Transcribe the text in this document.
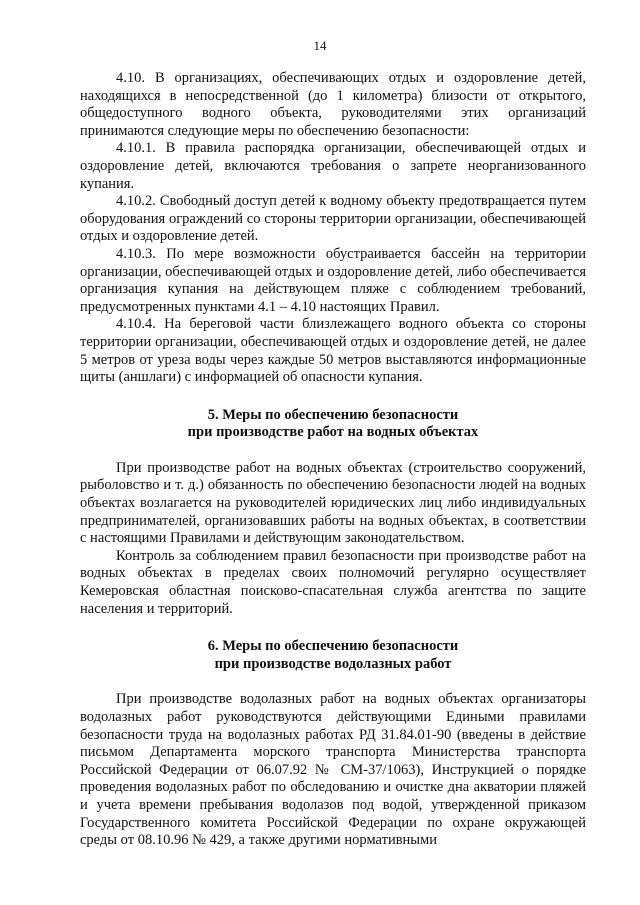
14

4.10. В организациях, обеспечивающих отдых и оздоровление детей, находящихся в непосредственной (до 1 километра) близости от открытого, общедоступного водного объекта, руководителями этих организаций принимаются следующие меры по обеспечению безопасности:

4.10.1. В правила распорядка организации, обеспечивающей отдых и оздоровление детей, включаются требования о запрете неорганизованного купания.

4.10.2. Свободный доступ детей к водному объекту предотвращается путем оборудования ограждений со стороны территории организации, обеспечивающей отдых и оздоровление детей.

4.10.3. По мере возможности обустраивается бассейн на территории организации, обеспечивающей отдых и оздоровление детей, либо обеспечивается организация купания на действующем пляже с соблюдением требований, предусмотренных пунктами 4.1 – 4.10 настоящих Правил.

4.10.4. На береговой части близлежащего водного объекта со стороны территории организации, обеспечивающей отдых и оздоровление детей, не далее 5 метров от уреза воды через каждые 50 метров выставляются информационные щиты (аншлаги) с информацией об опасности купания.

5. Меры по обеспечению безопасности
при производстве работ на водных объектах

При производстве работ на водных объектах (строительство сооружений, рыболовство и т. д.) обязанность по обеспечению безопасности людей на водных объектах возлагается на руководителей юридических лиц либо индивидуальных предпринимателей, организовавших работы на водных объектах, в соответствии с настоящими Правилами и действующим законодательством.

Контроль за соблюдением правил безопасности при производстве работ на водных объектах в пределах своих полномочий регулярно осуществляет Кемеровская областная поисково-спасательная служба агентства по защите населения и территорий.

6. Меры по обеспечению безопасности
при производстве водолазных работ

При производстве водолазных работ на водных объектах организаторы водолазных работ руководствуются действующими Едиными правилами безопасности труда на водолазных работах РД 31.84.01-90 (введены в действие письмом Департамента морского транспорта Министерства транспорта Российской Федерации от 06.07.92 № СМ-37/1063), Инструкцией о порядке проведения водолазных работ по обследованию и очистке дна акватории пляжей и учета времени пребывания водолазов под водой, утвержденной приказом Государственного комитета Российской Федерации по охране окружающей среды от 08.10.96 № 429, а также другими нормативными
